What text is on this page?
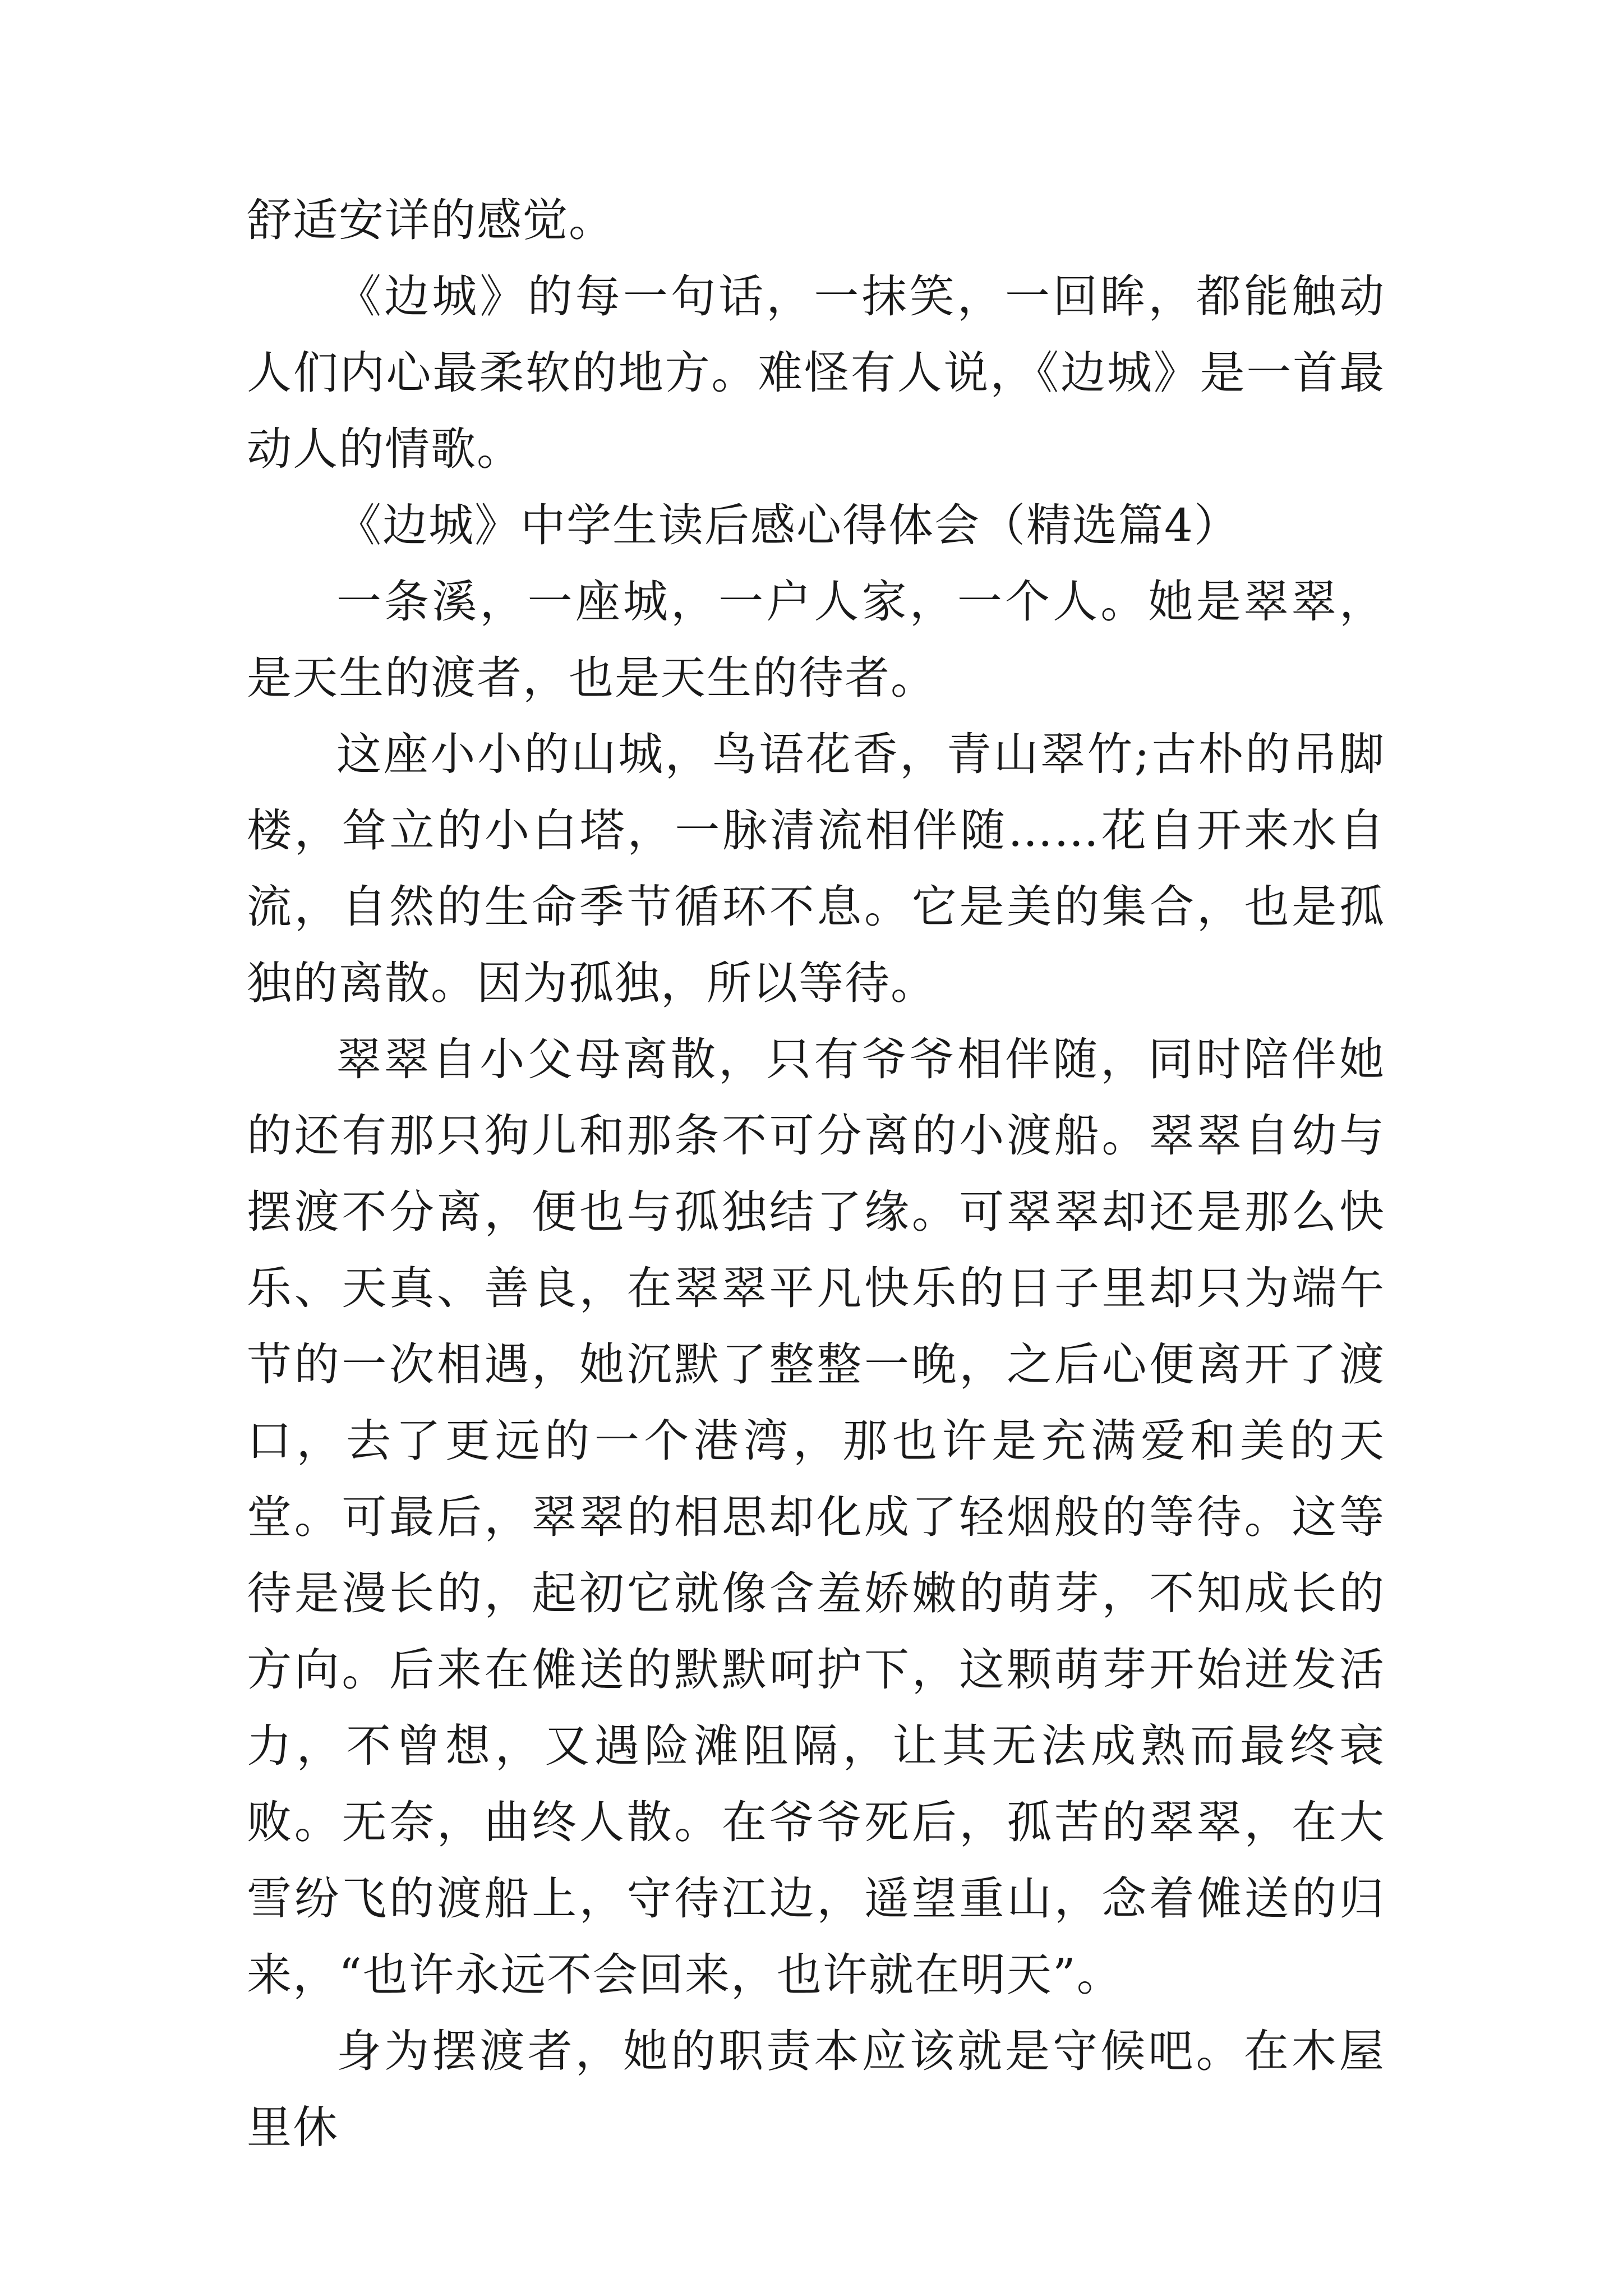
舒适安详的感觉。

《边城》的每一句话，一抹笑，一回眸，都能触动人们内心最柔软的地方。难怪有人说，《边城》是一首最动人的情歌。

《边城》中学生读后感心得体会（精选篇4）

一条溪，一座城，一户人家，一个人。她是翠翠，是天生的渡者，也是天生的待者。

这座小小的山城，鸟语花香，青山翠竹;古朴的吊脚楼，耸立的小白塔，一脉清流相伴随……花自开来水自流，自然的生命季节循环不息。它是美的集合，也是孤独的离散。因为孤独，所以等待。

翠翠自小父母离散，只有爷爷相伴随，同时陪伴她的还有那只狗儿和那条不可分离的小渡船。翠翠自幼与摆渡不分离，便也与孤独结了缘。可翠翠却还是那么快乐、天真、善良，在翠翠平凡快乐的日子里却只为端午节的一次相遇，她沉默了整整一晚，之后心便离开了渡口，去了更远的一个港湾，那也许是充满爱和美的天堂。可最后，翠翠的相思却化成了轻烟般的等待。这等待是漫长的，起初它就像含羞娇嫩的萌芽，不知成长的方向。后来在傩送的默默呵护下，这颗萌芽开始迸发活力，不曾想，又遇险滩阻隔，让其无法成熟而最终衰败。无奈，曲终人散。在爷爷死后，孤苦的翠翠，在大雪纷飞的渡船上，守待江边，遥望重山，念着傩送的归来，“也许永远不会回来，也许就在明天”。

身为摆渡者，她的职责本应该就是守候吧。在木屋里休
